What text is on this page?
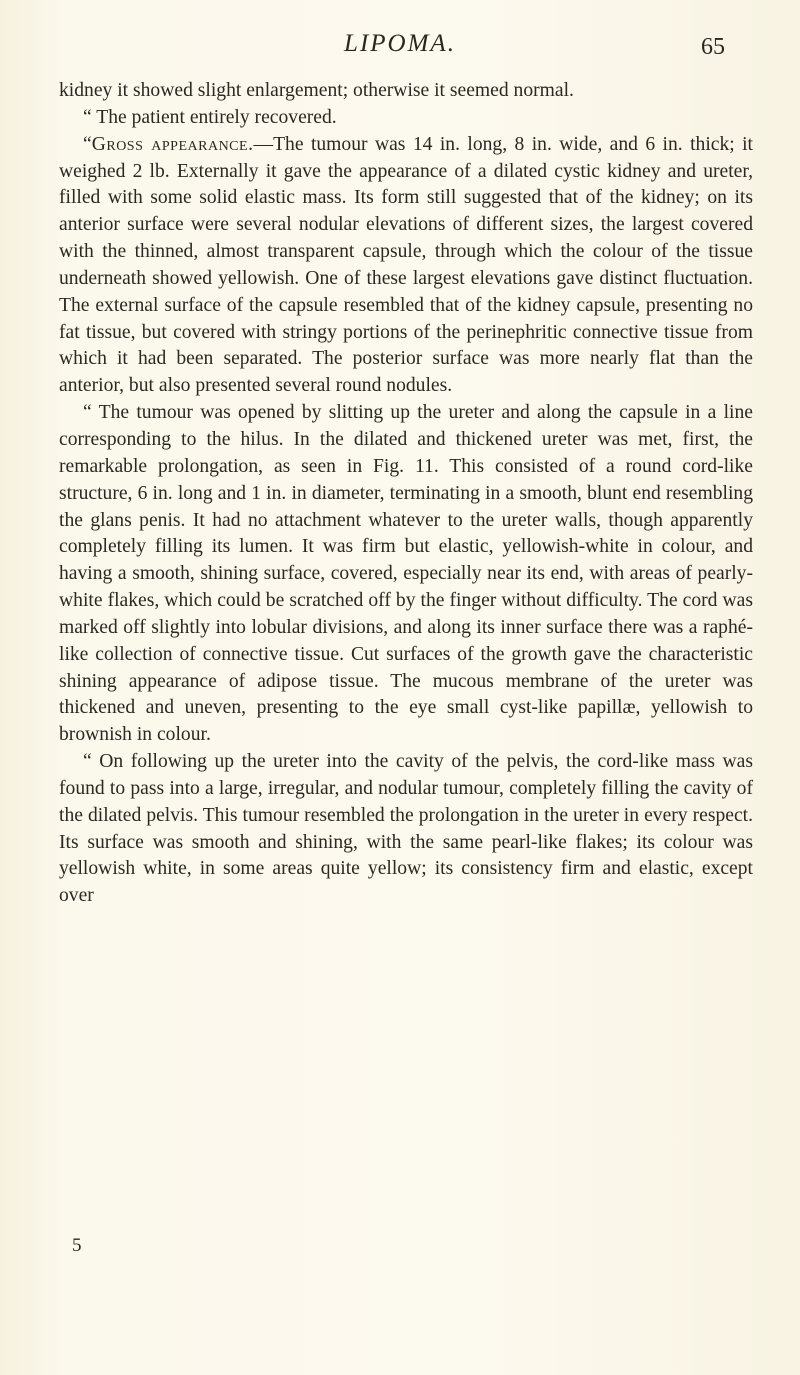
LIPOMA.	65

kidney it showed slight enlargement; otherwise it seemed normal.

“ The patient entirely recovered.

“Gross appearance.—The tumour was 14 in. long, 8 in. wide, and 6 in. thick; it weighed 2 lb. Externally it gave the appearance of a dilated cystic kidney and ureter, filled with some solid elastic mass. Its form still suggested that of the kidney; on its anterior surface were several nodular elevations of different sizes, the largest covered with the thinned, almost transparent capsule, through which the colour of the tissue underneath showed yellowish. One of these largest elevations gave distinct fluctuation. The external surface of the capsule resembled that of the kidney capsule, presenting no fat tissue, but covered with stringy portions of the perinephritic connective tissue from which it had been separated. The posterior surface was more nearly flat than the anterior, but also presented several round nodules.

“ The tumour was opened by slitting up the ureter and along the capsule in a line corresponding to the hilus. In the dilated and thickened ureter was met, first, the remarkable prolongation, as seen in Fig. 11. This consisted of a round cord-like structure, 6 in. long and 1 in. in diameter, terminating in a smooth, blunt end resembling the glans penis. It had no attachment whatever to the ureter walls, though apparently completely filling its lumen. It was firm but elastic, yellowish-white in colour, and having a smooth, shining surface, covered, especially near its end, with areas of pearly-white flakes, which could be scratched off by the finger without difficulty. The cord was marked off slightly into lobular divisions, and along its inner surface there was a raphé-like collection of connective tissue. Cut surfaces of the growth gave the characteristic shining appearance of adipose tissue. The mucous membrane of the ureter was thickened and uneven, presenting to the eye small cyst-like papillæ, yellowish to brownish in colour.

“ On following up the ureter into the cavity of the pelvis, the cord-like mass was found to pass into a large, irregular, and nodular tumour, completely filling the cavity of the dilated pelvis. This tumour resembled the prolongation in the ureter in every respect. Its surface was smooth and shining, with the same pearl-like flakes; its colour was yellowish white, in some areas quite yellow; its consistency firm and elastic, except over

5
